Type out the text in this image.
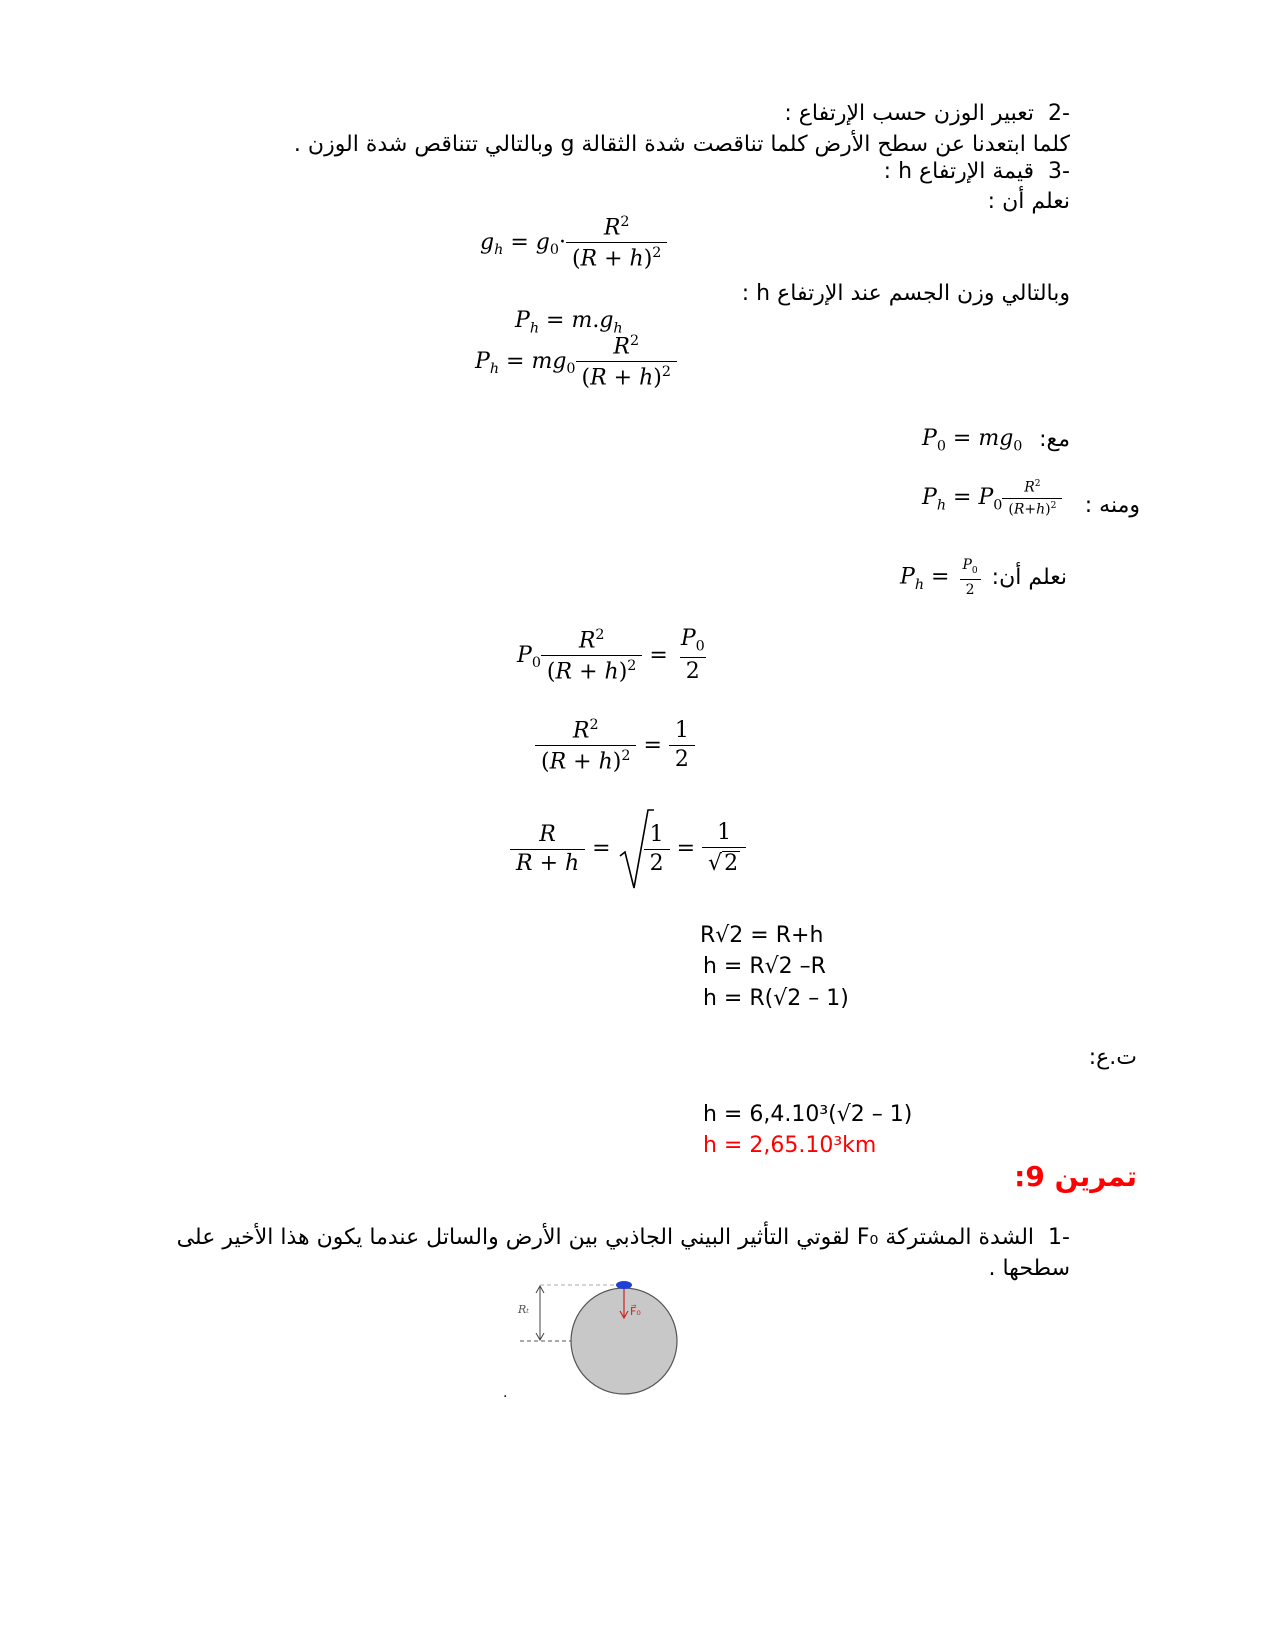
-2  تعبير الوزن حسب الإرتفاع :
كلما ابتعدنا عن سطح الأرض كلما تناقصت شدة الثقالة g وبالتالي تتناقص شدة الوزن .
-3  قيمة الإرتفاع h :
نعلم أن :
$g_h = g_0\cdot \frac{R^2}{(R + h)^2}$
وبالتالي وزن الجسم عند الإرتفاع h :
$P_h = m.g_h$
$P_h = mg_0 \frac{R^2}{(R + h)^2}$
مع:
$P_0 = mg_0$
ومنه :
$P_h = P_0 \frac{R^2}{(R+h)^2}$
نعلم أن:
$P_h = \frac{P_0}{2}$
$P_0 \frac{R^2}{(R + h)^2} = \frac{P_0}{2}$
$\frac{R^2}{(R + h)^2} = \frac{1}{2}$
$\frac{R}{R + h} = \frac{1}{2} = \frac{1}{√2}$
R√2 = R+h
h = R√2 –R
h = R(√2 – 1)
ت.ع:
h = 6,4.10³(√2 – 1)
h = 2,65.10³km
تمرين 9:
-1  الشدة المشتركة F₀ لقوتي التأثير البيني الجاذبي بين الأرض والساتل عندما يكون هذا الأخير على
سطحها .
Rₜ	F⃗₀
.
